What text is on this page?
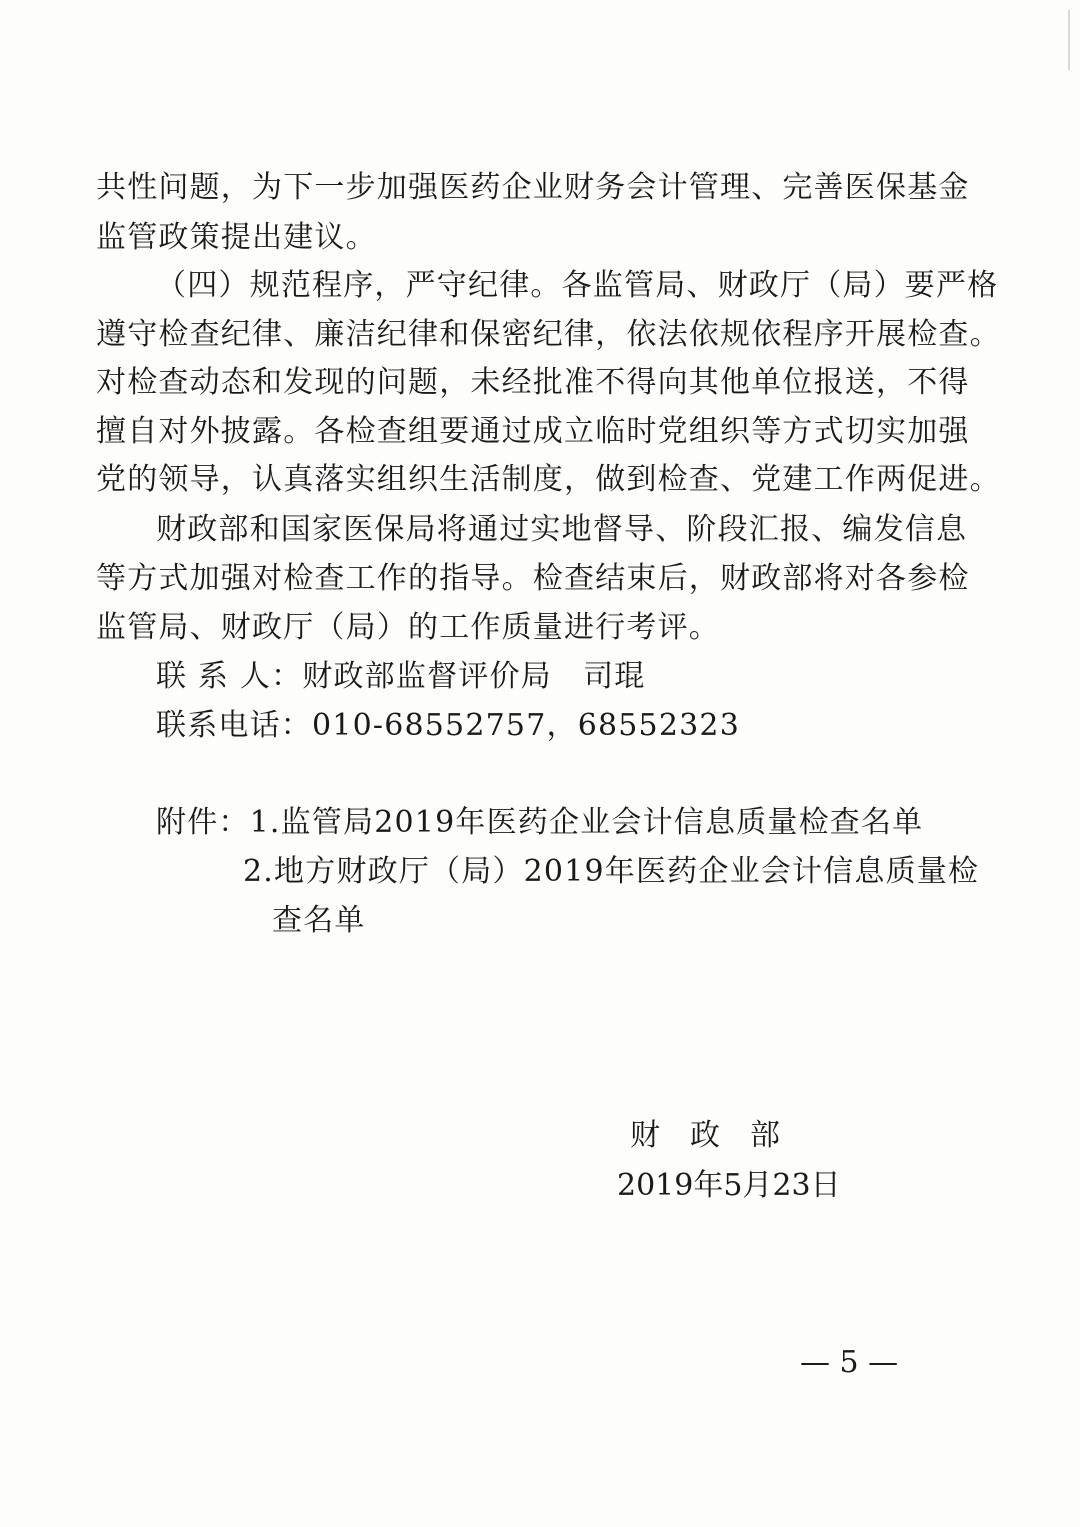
共性问题，为下一步加强医药企业财务会计管理、完善医保基金
监管政策提出建议。
（四）规范程序，严守纪律。各监管局、财政厅（局）要严格
遵守检查纪律、廉洁纪律和保密纪律，依法依规依程序开展检查。
对检查动态和发现的问题，未经批准不得向其他单位报送，不得
擅自对外披露。各检查组要通过成立临时党组织等方式切实加强
党的领导，认真落实组织生活制度，做到检查、党建工作两促进。
财政部和国家医保局将通过实地督导、阶段汇报、编发信息
等方式加强对检查工作的指导。检查结束后，财政部将对各参检
监管局、财政厅（局）的工作质量进行考评。
联 系 人：财政部监督评价局　司琨
联系电话：010-68552757，68552323
附件：1.监管局2019年医药企业会计信息质量检查名单
2.地方财政厅（局）2019年医药企业会计信息质量检
查名单
财　政　部
2019年5月23日
— 5 —
